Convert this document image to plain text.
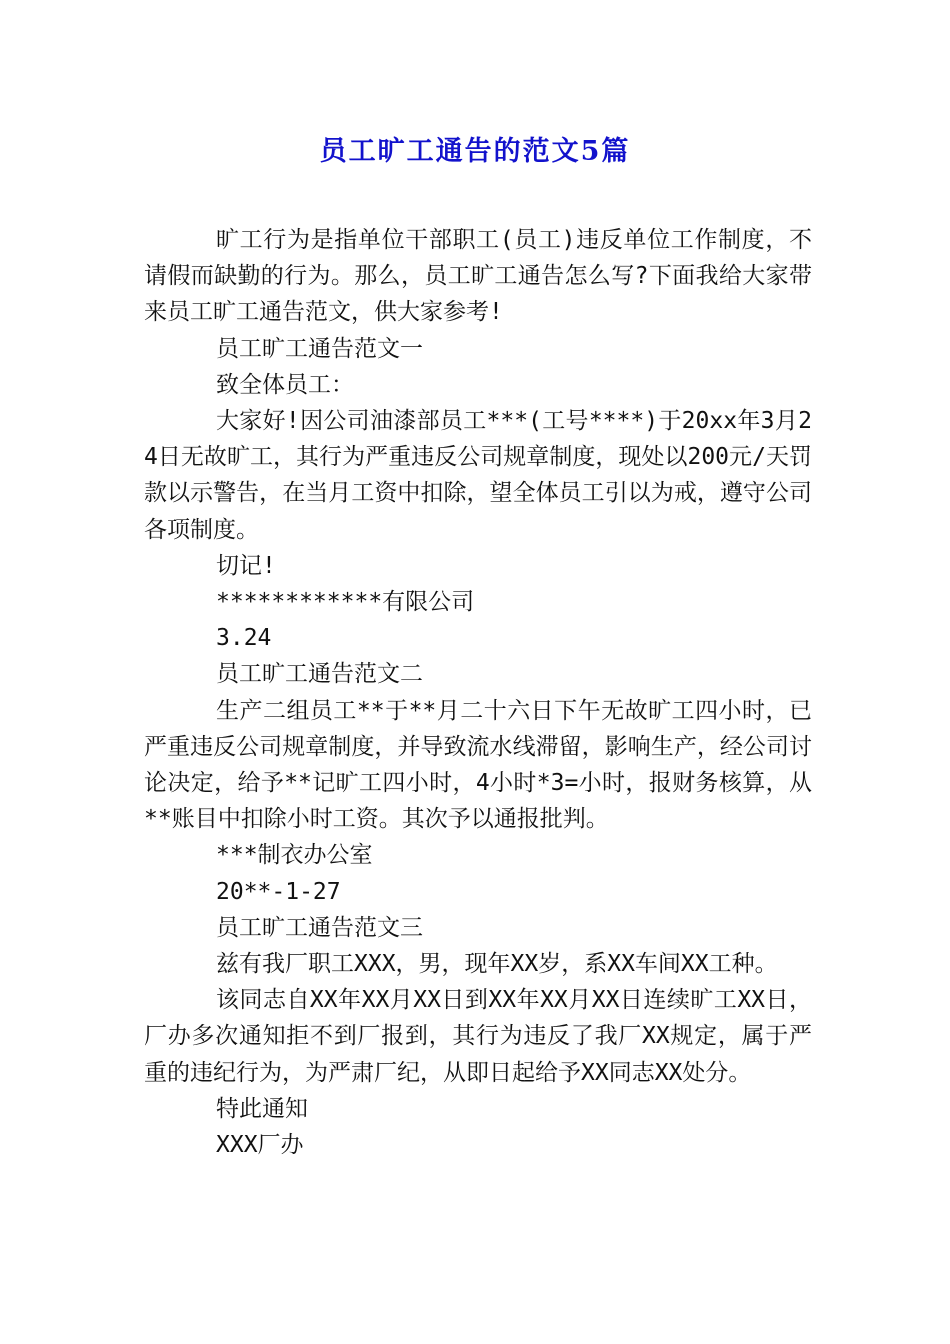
员工旷工通告的范文5篇

旷工行为是指单位干部职工(员工)违反单位工作制度，不请假而缺勤的行为。那么，员工旷工通告怎么写?下面我给大家带来员工旷工通告范文，供大家参考!

员工旷工通告范文一

致全体员工：

大家好!因公司油漆部员工***(工号****)于20xx年3月24日无故旷工，其行为严重违反公司规章制度，现处以200元/天罚款以示警告，在当月工资中扣除，望全体员工引以为戒，遵守公司各项制度。

切记!

************有限公司

3.24

员工旷工通告范文二

生产二组员工**于**月二十六日下午无故旷工四小时，已严重违反公司规章制度，并导致流水线滞留，影响生产，经公司讨论决定，给予**记旷工四小时，4小时*3=小时，报财务核算，从**账目中扣除小时工资。其次予以通报批判。

***制衣办公室

20**-1-27

员工旷工通告范文三

兹有我厂职工XXX，男，现年XX岁，系XX车间XX工种。

该同志自XX年XX月XX日到XX年XX月XX日连续旷工XX日，厂办多次通知拒不到厂报到，其行为违反了我厂XX规定，属于严重的违纪行为，为严肃厂纪，从即日起给予XX同志XX处分。

特此通知

XXX厂办
